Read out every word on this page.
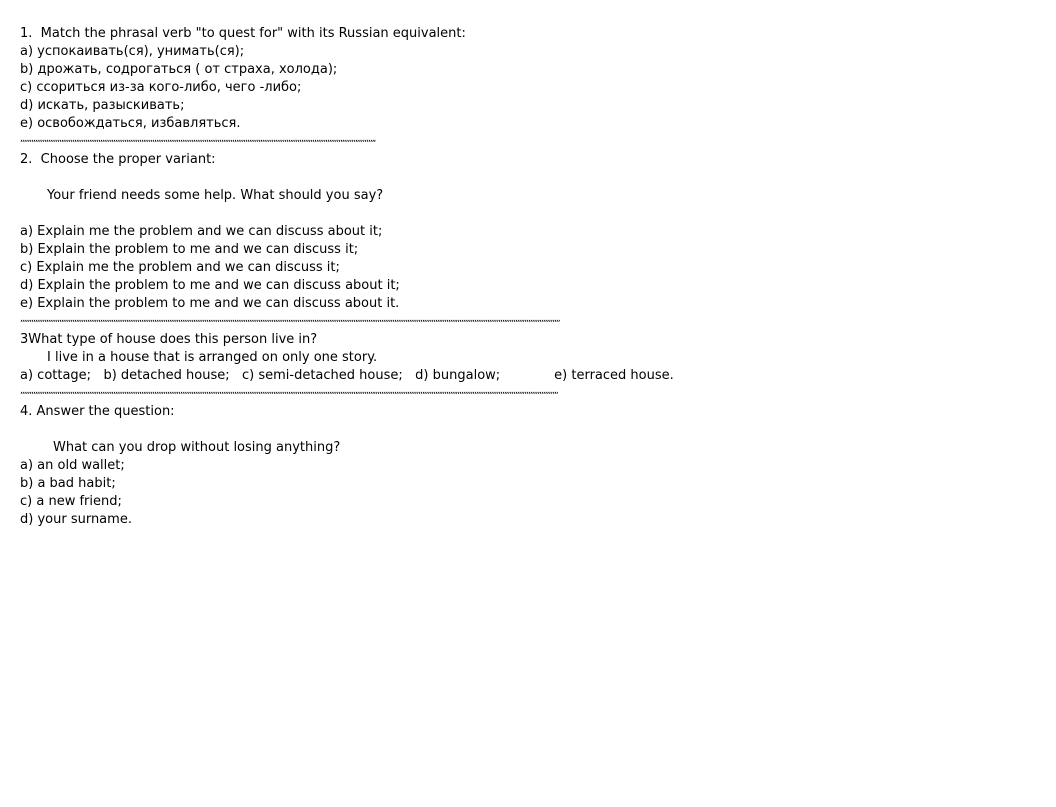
1.  Match the phrasal verb "to quest for" with its Russian equivalent:
a) успокаивать(ся), унимать(ся);
b) дрожать, содрогаться ( от страха, холода);
c) ссориться из-за кого-либо, чего -либо;
d) искать, разыскивать;
e) освобождаться, избавляться.
,,,,,,,,,,,,,,,,,,,,,,,,,,,,,,,,,,,,,,,,,,,,,,,,,,,,,,,,,,,,,,,,,,,,,,,,,,,,,,,,,,,,,,,,,,,,,,,,,,,,,,,,,,,,,,,,,,,,,,,,,,,,,,,,,,,,,,,,,,,,,,,,,,,,,,,,,,,,,,,,,,,,,,,,,,,,,,,,,,,,,,,,,,,,,,,
2.  Choose the proper variant:
Your friend needs some help. What should you say?
a) Explain me the problem and we can discuss about it;
b) Explain the problem to me and we can discuss it;
c) Explain me the problem and we can discuss it;
d) Explain the problem to me and we can discuss about it;
e) Explain the problem to me and we can discuss about it.
,,,,,,,,,,,,,,,,,,,,,,,,,,,,,,,,,,,,,,,,,,,,,,,,,,,,,,,,,,,,,,,,,,,,,,,,,,,,,,,,,,,,,,,,,,,,,,,,,,,,,,,,,,,,,,,,,,,,,,,,,,,,,,,,,,,,,,,,,,,,,,,,,,,,,,,,,,,,,,,,,,,,,,,,,,,,,,,,,,,,,,,,,,,,,,,,,,,,,,,,,,,,,,,,,,,,,,,,,,,,,,,,,,,,,,,,,,,,,,,,,,,,,,,,,,,,,,,,,,,,,,,,,,,,,,,,,,,,,,,,,,,,,,,,,,
3What type of house does this person live in?
I live in a house that is arranged on only one story.
a) cottage; b) detached house; c) semi-detached house; d) bungalow;	e) terraced house.
,,,,,,,,,,,,,,,,,,,,,,,,,,,,,,,,,,,,,,,,,,,,,,,,,,,,,,,,,,,,,,,,,,,,,,,,,,,,,,,,,,,,,,,,,,,,,,,,,,,,,,,,,,,,,,,,,,,,,,,,,,,,,,,,,,,,,,,,,,,,,,,,,,,,,,,,,,,,,,,,,,,,,,,,,,,,,,,,,,,,,,,,,,,,,,,,,,,,,,,,,,,,,,,,,,,,,,,,,,,,,,,,,,,,,,,,,,,,,,,,,,,,,,,,,,,,,,,,,,,,,,,,,,,,,,,,,,,,,,,,,,,,,,,,,
4. Answer the question:
What can you drop without losing anything?
a) an old wallet;
b) a bad habit;
c) a new friend;
d) your surname.
